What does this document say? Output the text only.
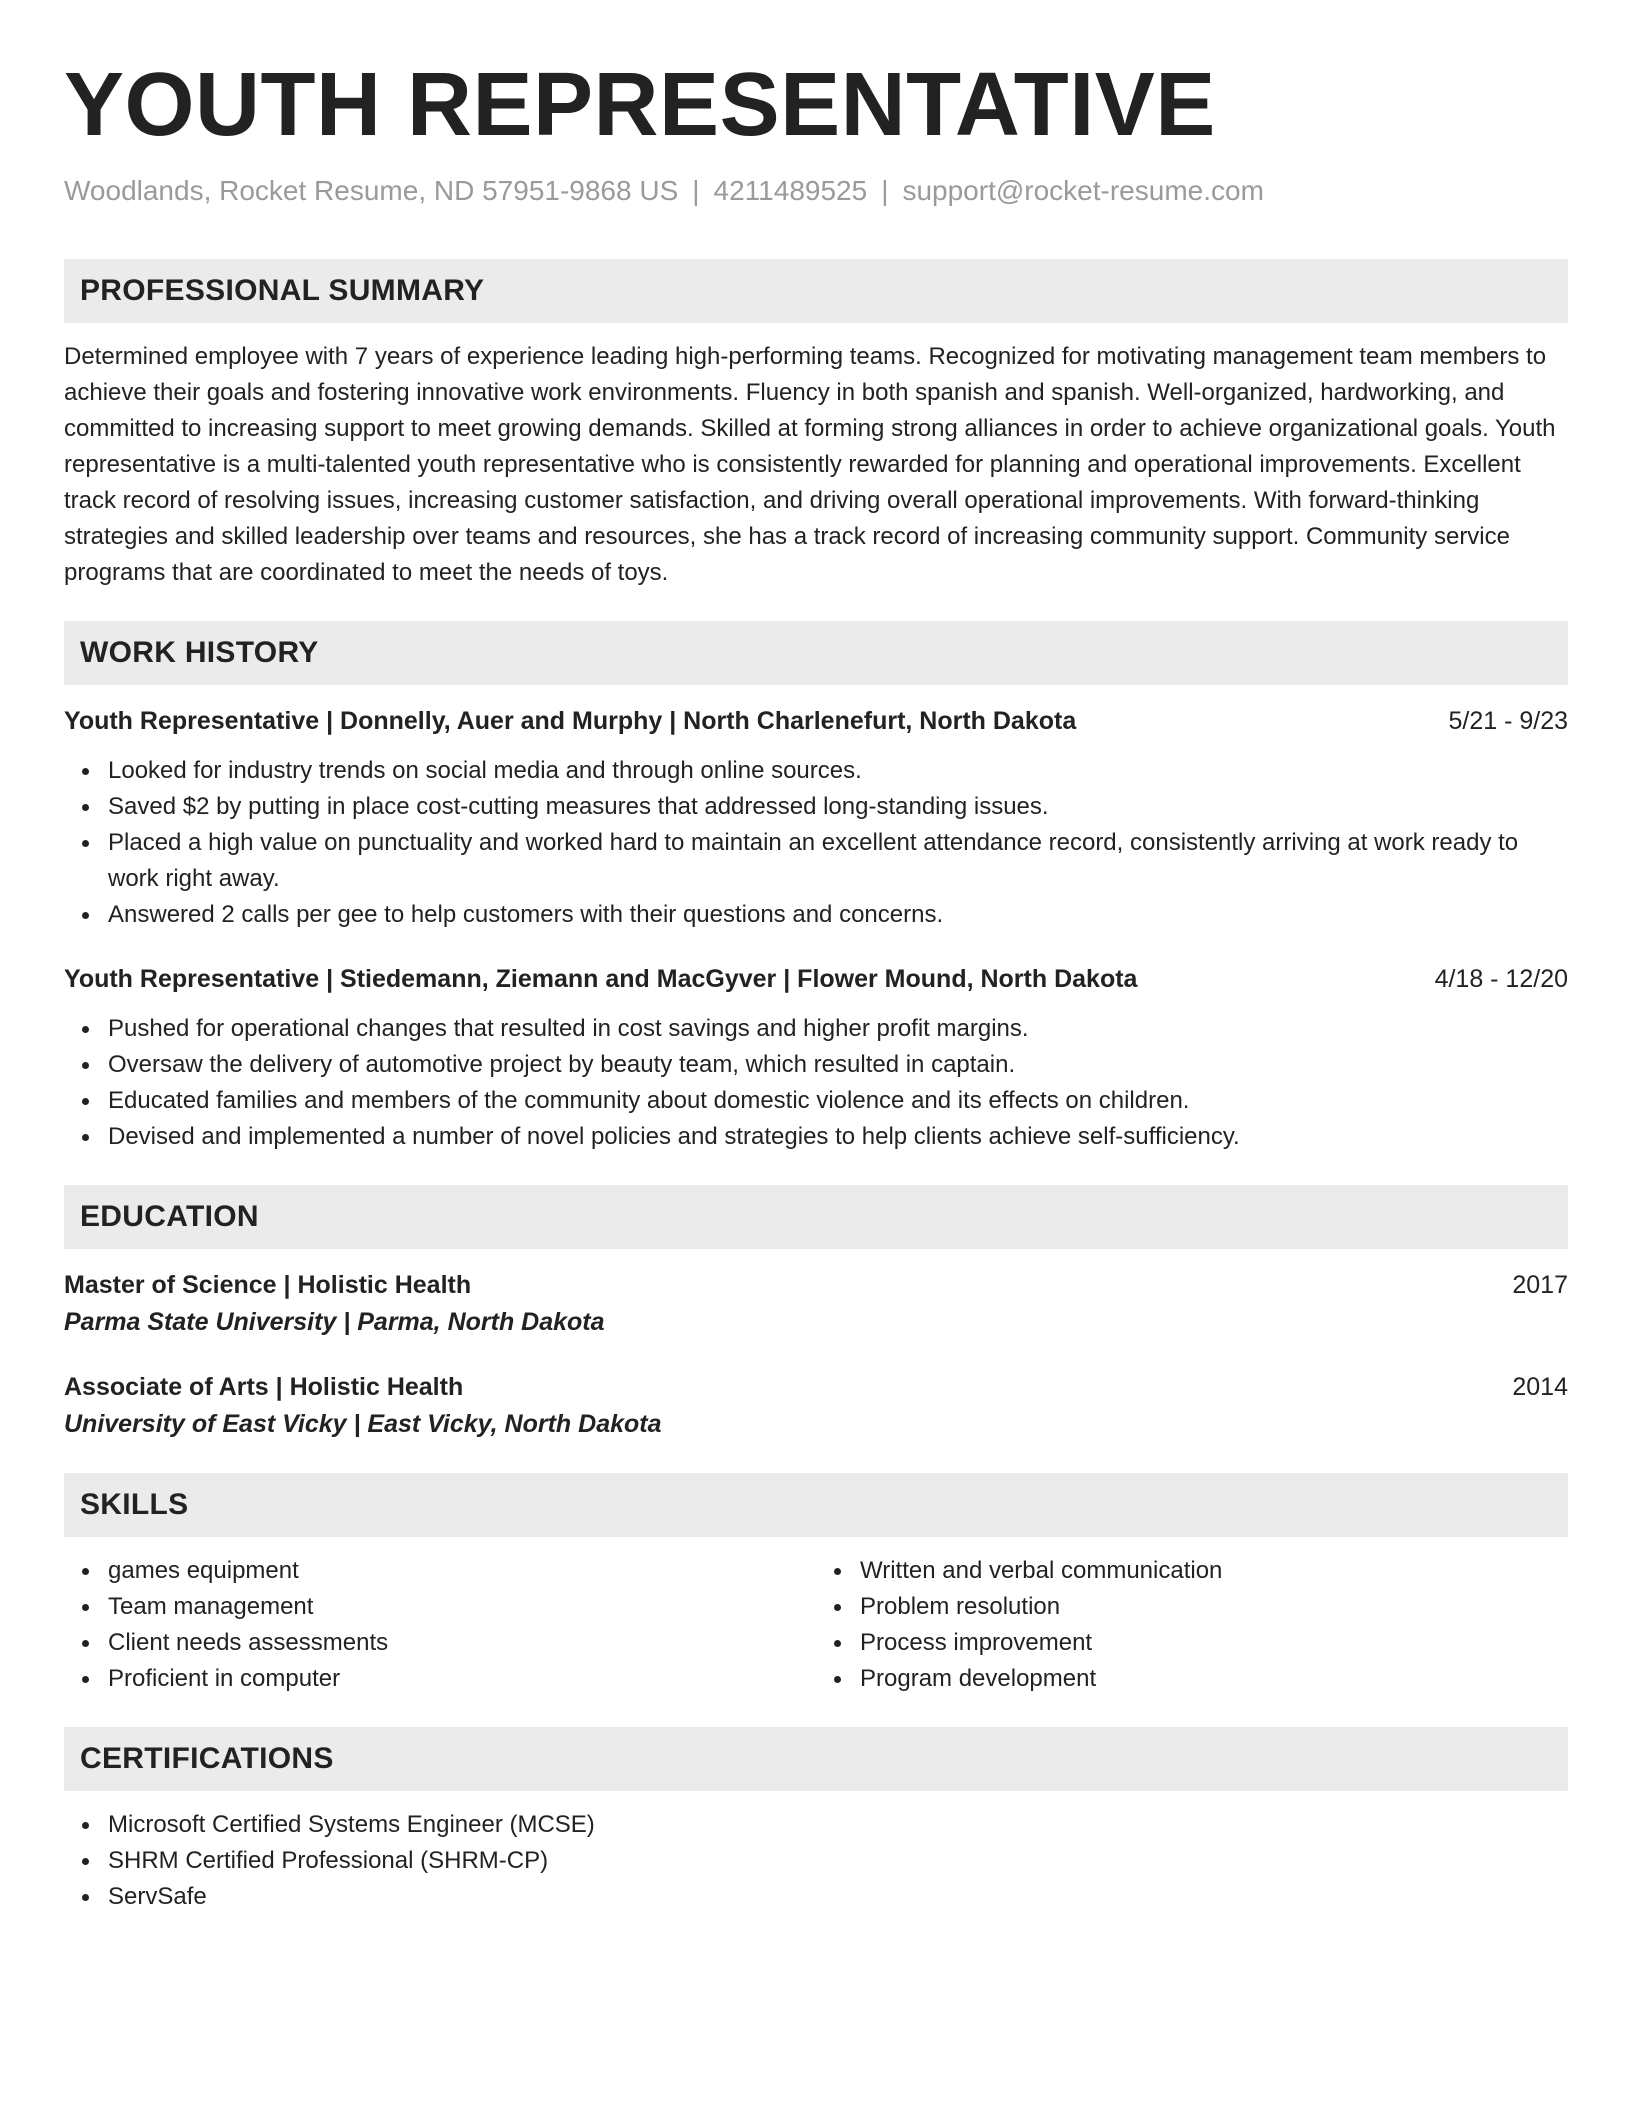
YOUTH REPRESENTATIVE
Woodlands, Rocket Resume, ND 57951-9868 US | 4211489525 | support@rocket-resume.com
PROFESSIONAL SUMMARY
Determined employee with 7 years of experience leading high-performing teams. Recognized for motivating management team members to achieve their goals and fostering innovative work environments. Fluency in both spanish and spanish. Well-organized, hardworking, and committed to increasing support to meet growing demands. Skilled at forming strong alliances in order to achieve organizational goals. Youth representative is a multi-talented youth representative who is consistently rewarded for planning and operational improvements. Excellent track record of resolving issues, increasing customer satisfaction, and driving overall operational improvements. With forward-thinking strategies and skilled leadership over teams and resources, she has a track record of increasing community support. Community service programs that are coordinated to meet the needs of toys.
WORK HISTORY
Youth Representative | Donnelly, Auer and Murphy | North Charlenefurt, North Dakota	5/21 - 9/23
Looked for industry trends on social media and through online sources.
Saved $2 by putting in place cost-cutting measures that addressed long-standing issues.
Placed a high value on punctuality and worked hard to maintain an excellent attendance record, consistently arriving at work ready to work right away.
Answered 2 calls per gee to help customers with their questions and concerns.
Youth Representative | Stiedemann, Ziemann and MacGyver | Flower Mound, North Dakota	4/18 - 12/20
Pushed for operational changes that resulted in cost savings and higher profit margins.
Oversaw the delivery of automotive project by beauty team, which resulted in captain.
Educated families and members of the community about domestic violence and its effects on children.
Devised and implemented a number of novel policies and strategies to help clients achieve self-sufficiency.
EDUCATION
Master of Science | Holistic Health	2017
Parma State University | Parma, North Dakota
Associate of Arts | Holistic Health	2014
University of East Vicky | East Vicky, North Dakota
SKILLS
games equipment
Team management
Client needs assessments
Proficient in computer
Written and verbal communication
Problem resolution
Process improvement
Program development
CERTIFICATIONS
Microsoft Certified Systems Engineer (MCSE)
SHRM Certified Professional (SHRM-CP)
ServSafe
